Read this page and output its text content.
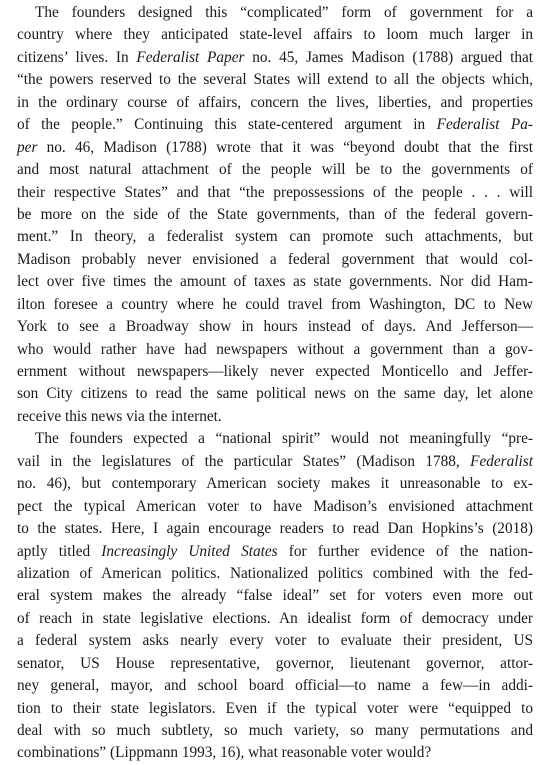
The founders designed this “complicated” form of government for a
country where they anticipated state-level affairs to loom much larger in
citizens’ lives. In Federalist Paper no. 45, James Madison (1788) argued that
“the powers reserved to the several States will extend to all the objects which,
in the ordinary course of affairs, concern the lives, liberties, and properties
of the people.” Continuing this state-centered argument in Federalist Pa-
per no. 46, Madison (1788) wrote that it was “beyond doubt that the first
and most natural attachment of the people will be to the governments of
their respective States” and that “the prepossessions of the people . . . will
be more on the side of the State governments, than of the federal govern-
ment.” In theory, a federalist system can promote such attachments, but
Madison probably never envisioned a federal government that would col-
lect over five times the amount of taxes as state governments. Nor did Ham-
ilton foresee a country where he could travel from Washington, DC to New
York to see a Broadway show in hours instead of days. And Jefferson—
who would rather have had newspapers without a government than a gov-
ernment without newspapers—likely never expected Monticello and Jeffer-
son City citizens to read the same political news on the same day, let alone
receive this news via the internet.
The founders expected a “national spirit” would not meaningfully “pre-
vail in the legislatures of the particular States” (Madison 1788, Federalist
no. 46), but contemporary American society makes it unreasonable to ex-
pect the typical American voter to have Madison’s envisioned attachment
to the states. Here, I again encourage readers to read Dan Hopkins’s (2018)
aptly titled Increasingly United States for further evidence of the nation-
alization of American politics. Nationalized politics combined with the fed-
eral system makes the already “false ideal” set for voters even more out
of reach in state legislative elections. An idealist form of democracy under
a federal system asks nearly every voter to evaluate their president, US
senator, US House representative, governor, lieutenant governor, attor-
ney general, mayor, and school board official—to name a few—in addi-
tion to their state legislators. Even if the typical voter were “equipped to
deal with so much subtlety, so much variety, so many permutations and
combinations” (Lippmann 1993, 16), what reasonable voter would?
